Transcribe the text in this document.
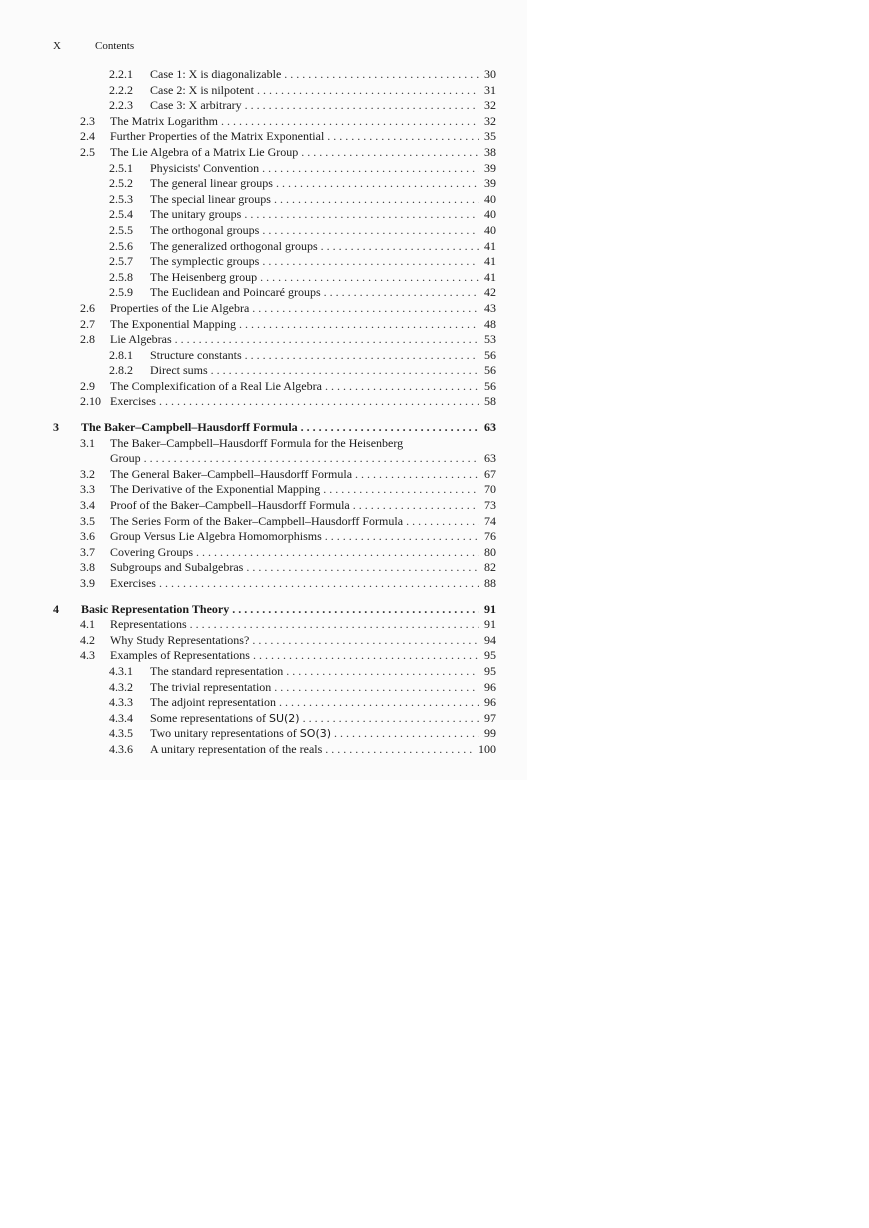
X	Contents
2.2.1	Case 1: X is diagonalizable . . .	30
2.2.2	Case 2: X is nilpotent . . .	31
2.2.3	Case 3: X arbitrary . . .	32
2.3	The Matrix Logarithm . . .	32
2.4	Further Properties of the Matrix Exponential . . .	35
2.5	The Lie Algebra of a Matrix Lie Group . . .	38
2.5.1	Physicists' Convention . . .	39
2.5.2	The general linear groups . . .	39
2.5.3	The special linear groups . . .	40
2.5.4	The unitary groups . . .	40
2.5.5	The orthogonal groups . . .	40
2.5.6	The generalized orthogonal groups . . .	41
2.5.7	The symplectic groups . . .	41
2.5.8	The Heisenberg group . . .	41
2.5.9	The Euclidean and Poincaré groups . . .	42
2.6	Properties of the Lie Algebra . . .	43
2.7	The Exponential Mapping . . .	48
2.8	Lie Algebras . . .	53
2.8.1	Structure constants . . .	56
2.8.2	Direct sums . . .	56
2.9	The Complexification of a Real Lie Algebra . . .	56
2.10 Exercises . . .	58
3	The Baker–Campbell–Hausdorff Formula . . .	63
3.1	The Baker–Campbell–Hausdorff Formula for the Heisenberg
Group . . .	63
3.2	The General Baker–Campbell–Hausdorff Formula . . .	67
3.3	The Derivative of the Exponential Mapping . . .	70
3.4	Proof of the Baker–Campbell–Hausdorff Formula . . .	73
3.5	The Series Form of the Baker–Campbell–Hausdorff Formula . . .	74
3.6	Group Versus Lie Algebra Homomorphisms . . .	76
3.7	Covering Groups . . .	80
3.8	Subgroups and Subalgebras . . .	82
3.9	Exercises . . .	88
4	Basic Representation Theory . . .	91
4.1	Representations . . .	91
4.2	Why Study Representations? . . .	94
4.3	Examples of Representations . . .	95
4.3.1	The standard representation . . .	95
4.3.2	The trivial representation . . .	96
4.3.3	The adjoint representation . . .	96
4.3.4	Some representations of SU(2) . . .	97
4.3.5	Two unitary representations of SO(3) . . .	99
4.3.6	A unitary representation of the reals . . .	100
